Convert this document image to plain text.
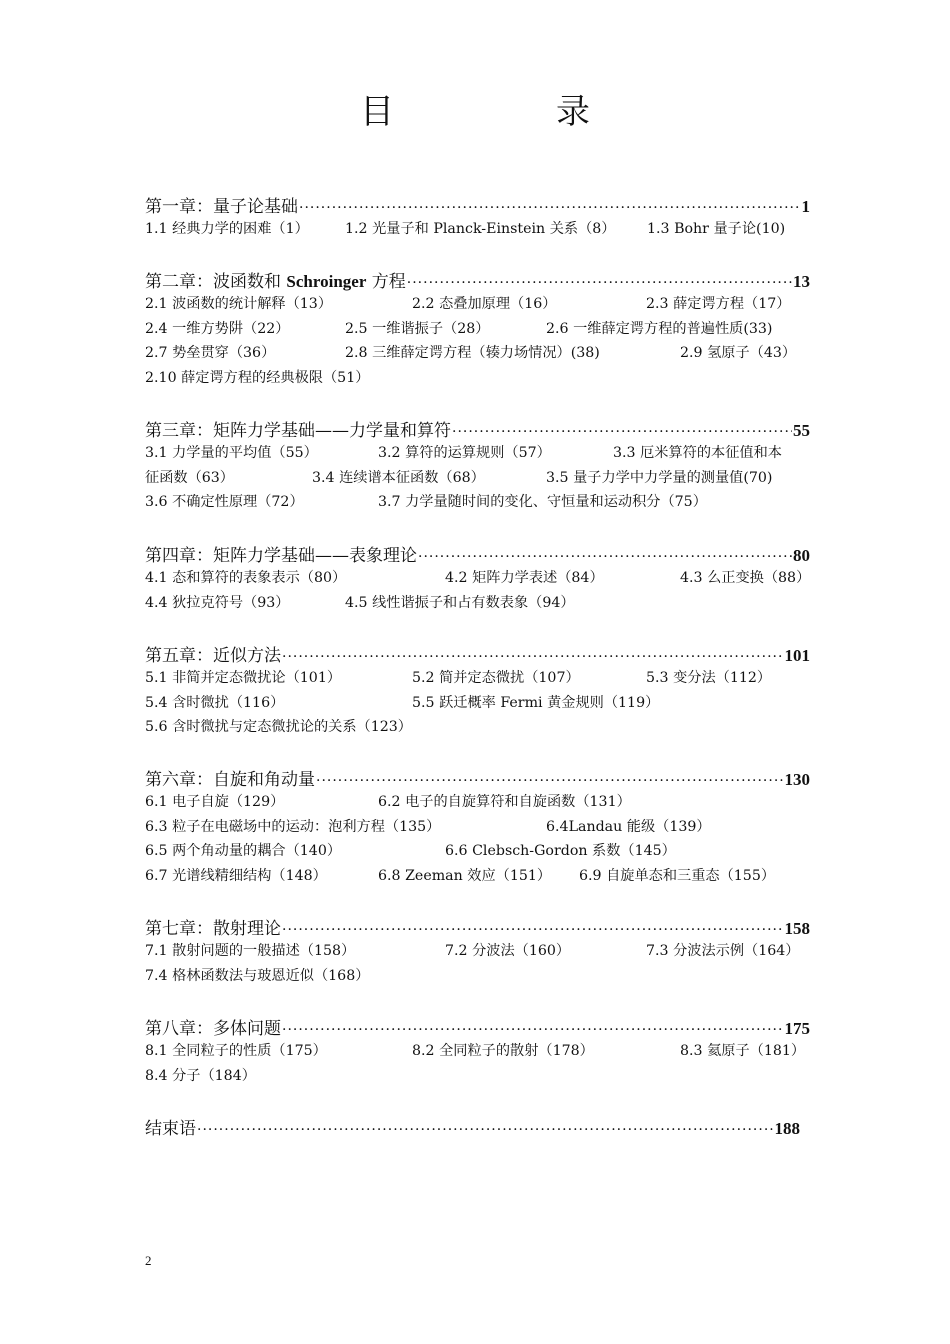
目　录
第一章：量子论基础 ·····	1
1.1 经典力学的困难（1）	1.2 光量子和 Planck-Einstein 关系（8） 1.3 Bohr 量子论(10)
第二章：波函数和 Schroinger 方程 ·····	13
2.1 波函数的统计解释（13）	2.2 态叠加原理（16）	2.3 薛定谔方程（17）
2.4 一维方势阱（22）	2.5 一维谐振子（28）	2.6 一维薛定谔方程的普遍性质(33)
2.7 势垒贯穿（36）	2.8 三维薛定谔方程（辏力场情况）(38)	2.9 氢原子（43）
2.10 薛定谔方程的经典极限（51）
第三章：矩阵力学基础——力学量和算符 ·····	55
3.1 力学量的平均值（55）	3.2 算符的运算规则（57）	3.3 厄米算符的本征值和本
征函数（63）	3.4 连续谱本征函数（68）	3.5 量子力学中力学量的测量值(70)
3.6 不确定性原理（72）	3.7 力学量随时间的变化、守恒量和运动积分（75）
第四章：矩阵力学基础——表象理论 ·····	80
4.1 态和算符的表象表示（80）	4.2 矩阵力学表述（84）	4.3 么正变换（88）
4.4 狄拉克符号（93）	4.5 线性谐振子和占有数表象（94）
第五章：近似方法 ·····	101
5.1 非简并定态微扰论（101）	5.2 简并定态微扰（107）	5.3 变分法（112）
5.4 含时微扰（116）	5.5 跃迁概率 Fermi 黄金规则（119）
5.6 含时微扰与定态微扰论的关系（123）
第六章：自旋和角动量 ·····	130
6.1 电子自旋（129）	6.2 电子的自旋算符和自旋函数（131）
6.3 粒子在电磁场中的运动：泡利方程（135）	6.4Landau 能级（139）
6.5 两个角动量的耦合（140）	6.6 Clebsch-Gordon 系数（145）
6.7 光谱线精细结构（148）	6.8 Zeeman 效应（151） 6.9 自旋单态和三重态（155）
第七章：散射理论 ·····	158
7.1 散射问题的一般描述（158）	7.2 分波法（160）	7.3 分波法示例（164）
7.4 格林函数法与玻恩近似（168）
第八章：多体问题 ·····	175
8.1 全同粒子的性质（175）	8.2 全同粒子的散射（178）	8.3 氦原子（181）
8.4 分子（184）
结束语 ·····	188
2
